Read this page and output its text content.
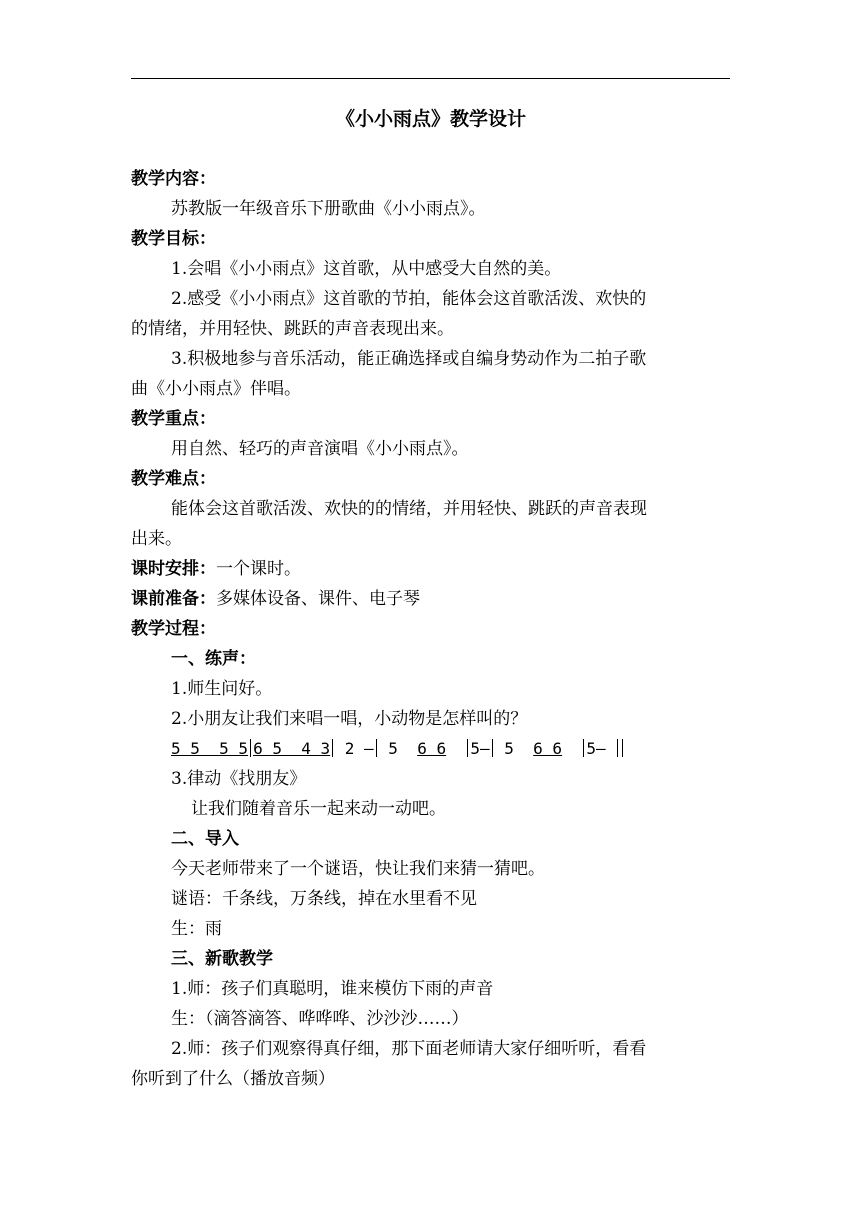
《小小雨点》教学设计
教学内容：
苏教版一年级音乐下册歌曲《小小雨点》。
教学目标：
1.会唱《小小雨点》这首歌，从中感受大自然的美。
2.感受《小小雨点》这首歌的节拍，能体会这首歌活泼、欢快的
的情绪，并用轻快、跳跃的声音表现出来。
3.积极地参与音乐活动，能正确选择或自编身势动作为二拍子歌
曲《小小雨点》伴唱。
教学重点：
用自然、轻巧的声音演唱《小小雨点》。
教学难点：
能体会这首歌活泼、欢快的的情绪，并用轻快、跳跃的声音表现
出来。
课时安排：一个课时。
课前准备：多媒体设备、课件、电子琴
教学过程：
一、练声：
1.师生问好。
2.小朋友让我们来唱一唱，小动物是怎样叫的？
5 5  5 5 6 5  4 3 2 — 5  6 6 5— 5  6 6 5—
3.律动《找朋友》
让我们随着音乐一起来动一动吧。
二、导入
今天老师带来了一个谜语，快让我们来猜一猜吧。
谜语：千条线，万条线，掉在水里看不见
生：雨
三、新歌教学
1.师：孩子们真聪明，谁来模仿下雨的声音
生：（滴答滴答、哗哗哗、沙沙沙……）
2.师：孩子们观察得真仔细，那下面老师请大家仔细听听，看看
你听到了什么（播放音频）
